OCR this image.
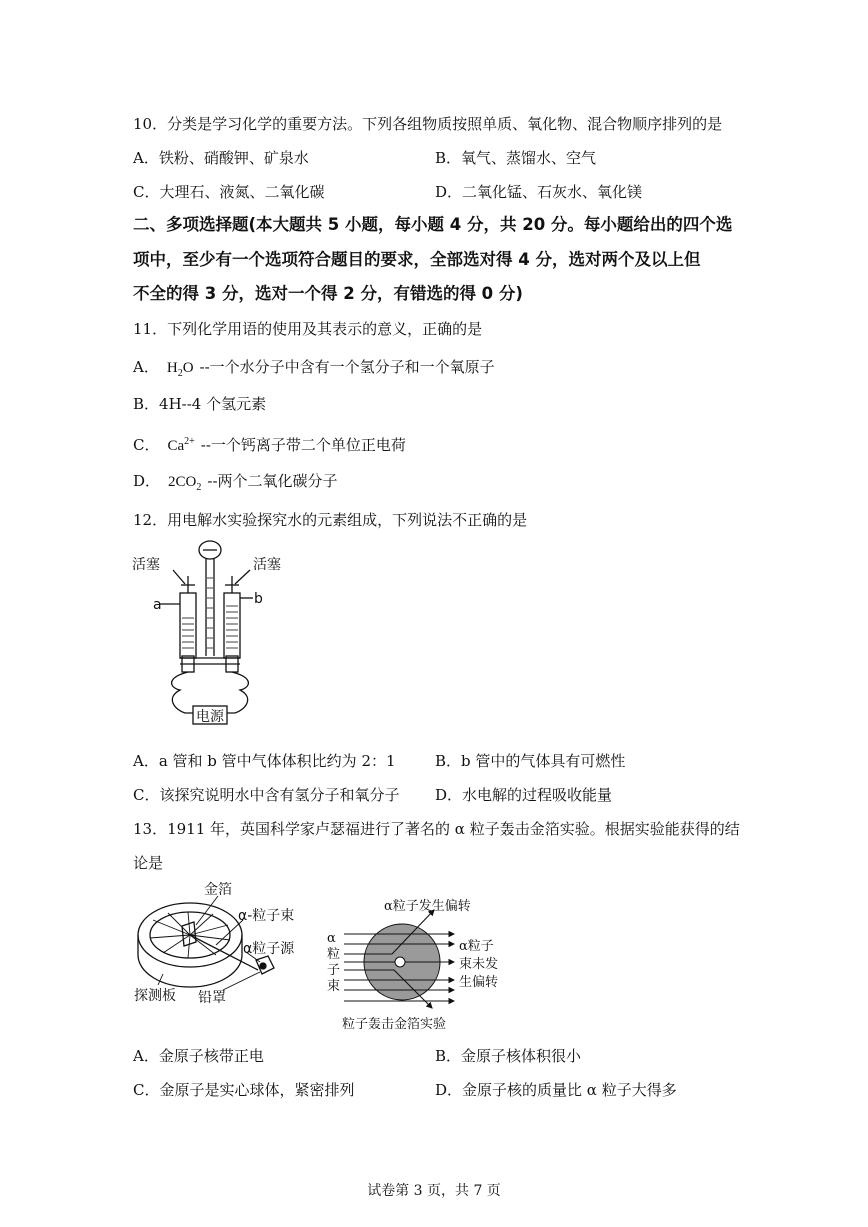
10．分类是学习化学的重要方法。下列各组物质按照单质、氧化物、混合物顺序排列的是
A．铁粉、硝酸钾、矿泉水	B．氧气、蒸馏水、空气
C．大理石、液氮、二氧化碳	D．二氧化锰、石灰水、氧化镁
二、多项选择题(本大题共 5 小题，每小题 4 分，共 20 分。每小题给出的四个选
项中，至少有一个选项符合题目的要求，全部选对得 4 分，选对两个及以上但
不全的得 3 分，选对一个得 2 分，有错选的得 0 分)
11．下列化学用语的使用及其表示的意义，正确的是
A． $H_2O$ --一个水分子中含有一个氢分子和一个氧原子
B．4H--4 个氢元素
C． $Ca^{2+}$ --一个钙离子带二个单位正电荷
D． $2CO_2$ --两个二氧化碳分子
12．用电解水实验探究水的元素组成，下列说法不正确的是
活塞	活塞
a	b
电源
A．a 管和 b 管中气体体积比约为 2：1	B．b 管中的气体具有可燃性
C．该探究说明水中含有氢分子和氧分子 D．水电解的过程吸收能量
13．1911 年，英国科学家卢瑟福进行了著名的 α 粒子轰击金箔实验。根据实验能获得的结
论是
金箔
α-粒子束
α粒子源
探测板 铅罩
α粒子发生偏转
α
粒
子
束
α粒子
束未发
生偏转
粒子轰击金箔实验
A．金原子核带正电	B．金原子核体积很小
C．金原子是实心球体，紧密排列	D．金原子核的质量比 α 粒子大得多
试卷第 3 页，共 7 页
